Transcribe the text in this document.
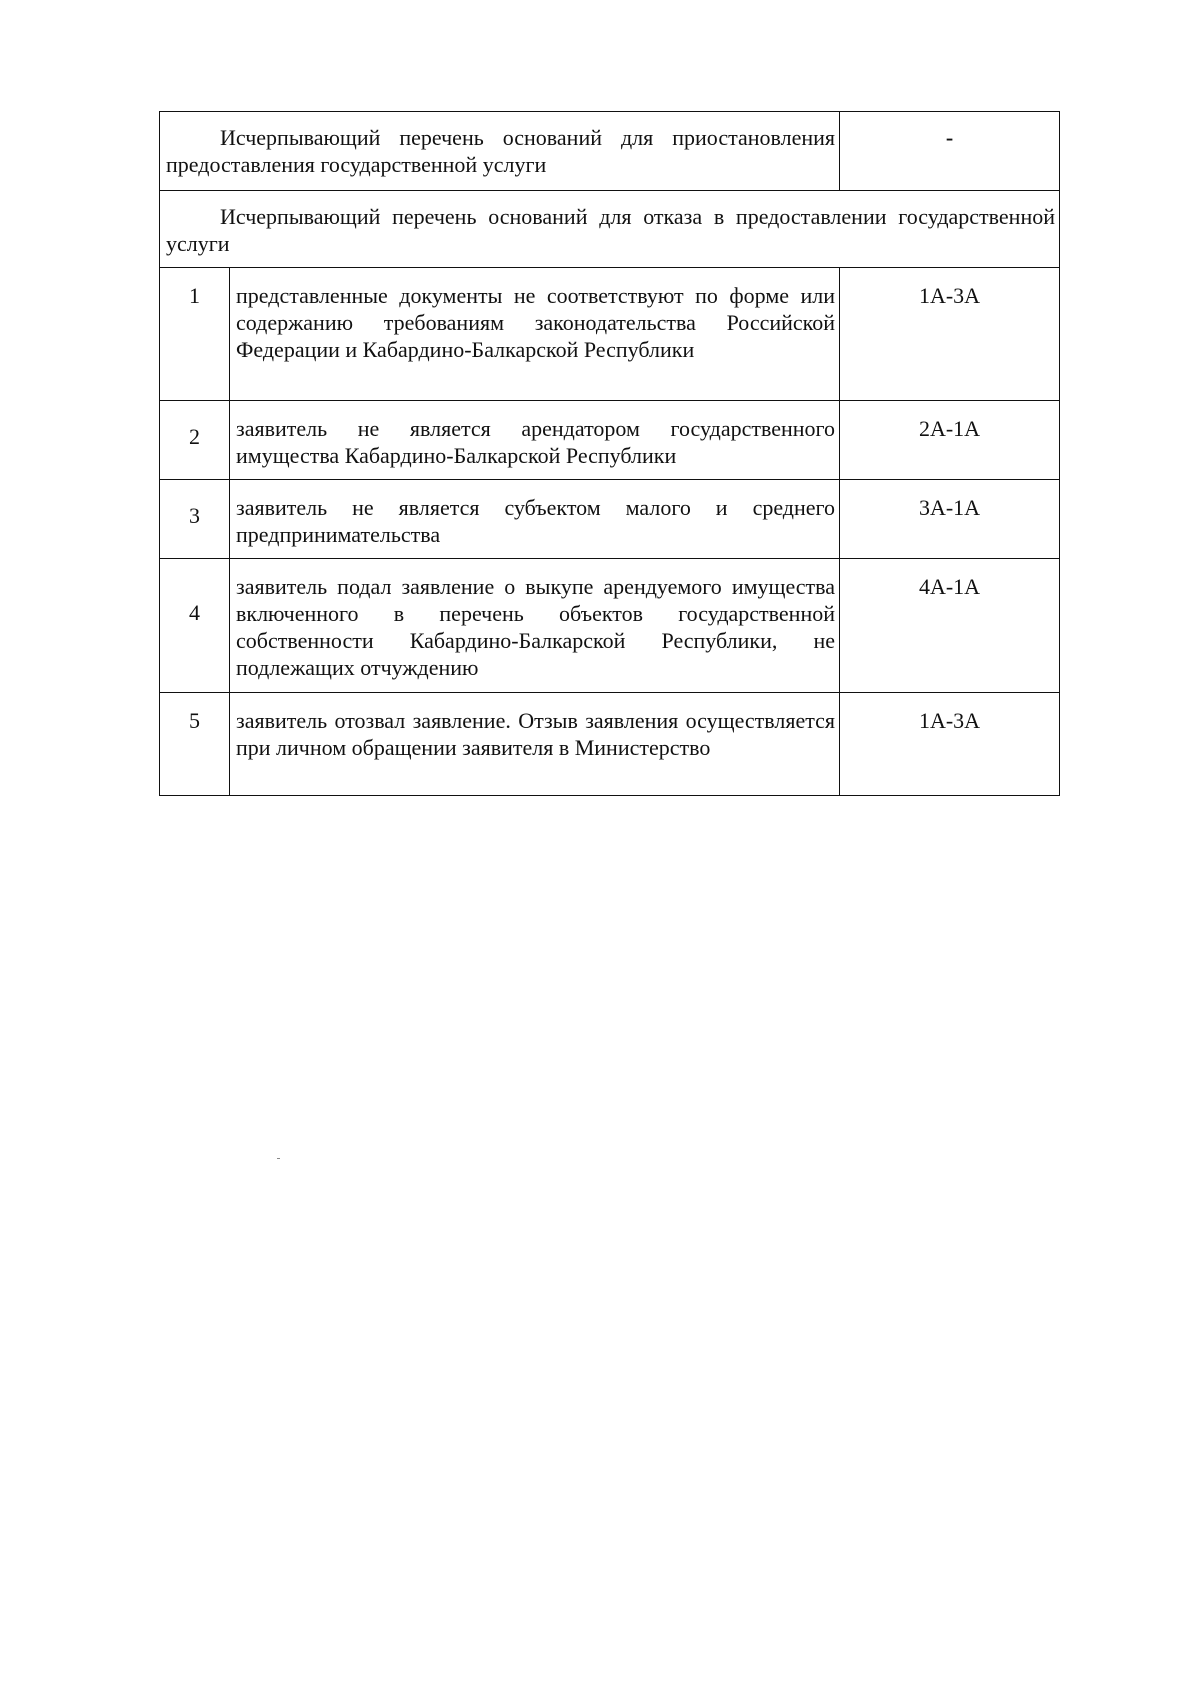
Исчерпывающий перечень оснований для приостановления предоставления государственной услуги		-

Исчерпывающий перечень оснований для отказа в предоставлении государственной услуги		

1	представленные документы не соответствуют по форме или содержанию требованиям законодательства Российской Федерации и Кабардино-Балкарской Республики	1А-3А

2	заявитель не является арендатором государственного имущества Кабардино-Балкарской Республики	2А-1А

3	заявитель не является субъектом малого и среднего предпринимательства	3А-1А

4	заявитель подал заявление о выкупе арендуемого имущества включенного в перечень объектов государственной собственности Кабардино-Балкарской Республики, не подлежащих отчуждению	4А-1А

5	заявитель отозвал заявление. Отзыв заявления осуществляется при личном обращении заявителя в Министерство	1А-3А
